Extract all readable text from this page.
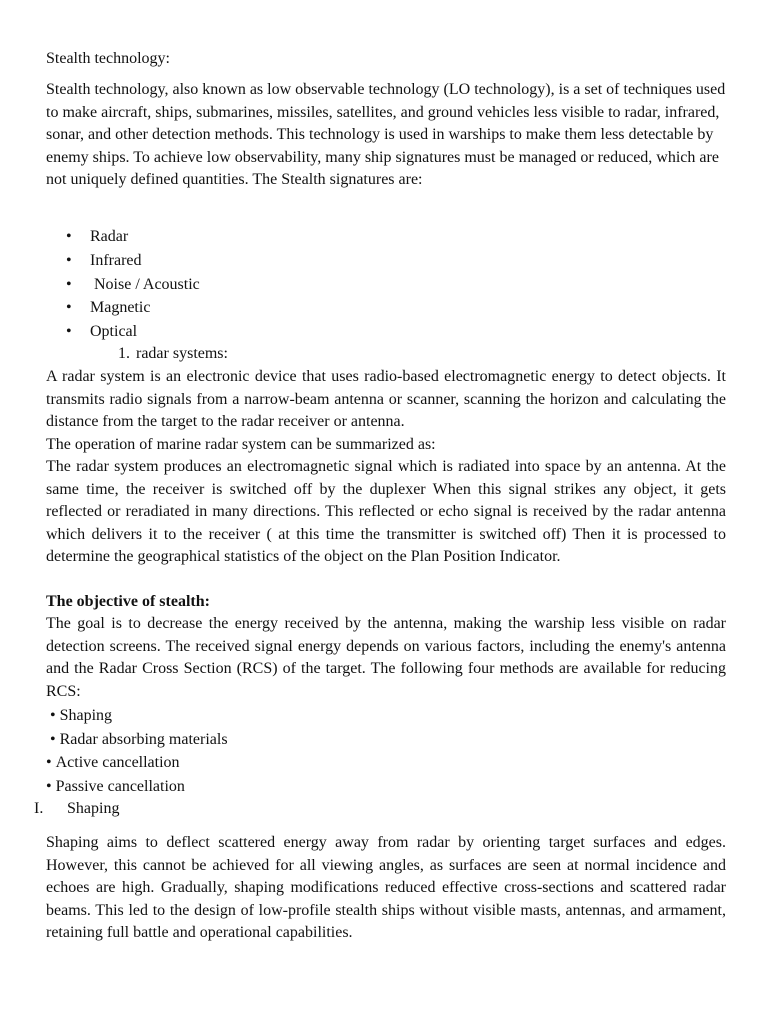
Stealth technology:

Stealth technology, also known as low observable technology (LO technology), is a set of techniques used to make aircraft, ships, submarines, missiles, satellites, and ground vehicles less visible to radar, infrared, sonar, and other detection methods. This technology is used in warships to make them less detectable by enemy ships. To achieve low observability, many ship signatures must be managed or reduced, which are not uniquely defined quantities. The Stealth signatures are:

• Radar
• Infrared
• Noise / Acoustic
• Magnetic
• Optical
1. radar systems:

A radar system is an electronic device that uses radio-based electromagnetic energy to detect objects. It transmits radio signals from a narrow-beam antenna or scanner, scanning the horizon and calculating the distance from the target to the radar receiver or antenna.

The operation of marine radar system can be summarized as:

The radar system produces an electromagnetic signal which is radiated into space by an antenna. At the same time, the receiver is switched off by the duplexer When this signal strikes any object, it gets reflected or reradiated in many directions. This reflected or echo signal is received by the radar antenna which delivers it to the receiver ( at this time the transmitter is switched off) Then it is processed to determine the geographical statistics of the object on the Plan Position Indicator.

The objective of stealth:

The goal is to decrease the energy received by the antenna, making the warship less visible on radar detection screens. The received signal energy depends on various factors, including the enemy's antenna and the Radar Cross Section (RCS) of the target. The following four methods are available for reducing RCS:

• Shaping
• Radar absorbing materials
• Active cancellation
• Passive cancellation
I. Shaping

Shaping aims to deflect scattered energy away from radar by orienting target surfaces and edges. However, this cannot be achieved for all viewing angles, as surfaces are seen at normal incidence and echoes are high. Gradually, shaping modifications reduced effective cross-sections and scattered radar beams. This led to the design of low-profile stealth ships without visible masts, antennas, and armament, retaining full battle and operational capabilities.
